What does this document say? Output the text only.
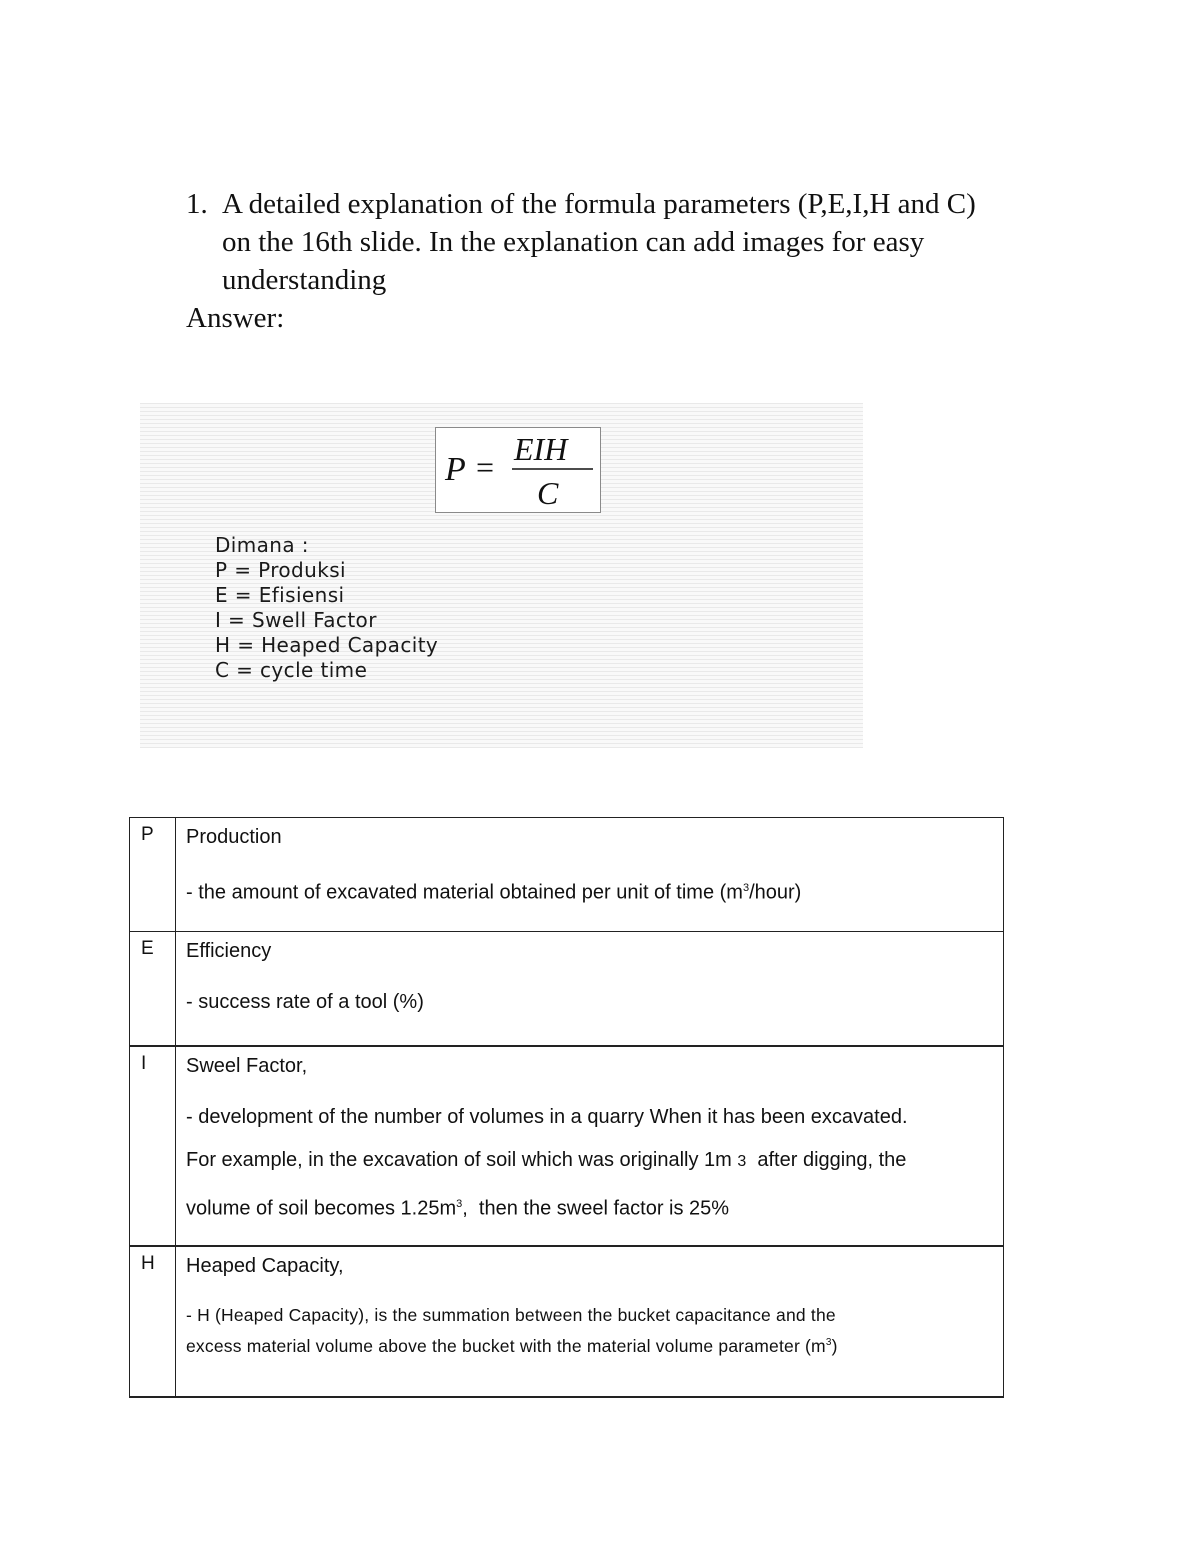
1. A detailed explanation of the formula parameters (P,E,I,H and C) on the 16th slide. In the explanation can add images for easy understanding
Answer:
P = EIH
C
Dimana :
P = Produksi
E = Efisiensi
I = Swell Factor
H = Heaped Capacity
C = cycle time
P	Production
- the amount of excavated material obtained per unit of time $(m^3/hour)$

E	Efficiency
- success rate of a tool (%)

I	Sweel Factor,
- development of the number of volumes in a quarry When it has been excavated.
For example, in the excavation of soil which was originally 1m 3  after digging, the
volume of soil becomes $1.25m^3$,  then the sweel factor is 25%

H	Heaped Capacity,
- H (Heaped Capacity), is the summation between the bucket capacitance and the
excess material volume above the bucket with the material volume parameter $(m^3)$
